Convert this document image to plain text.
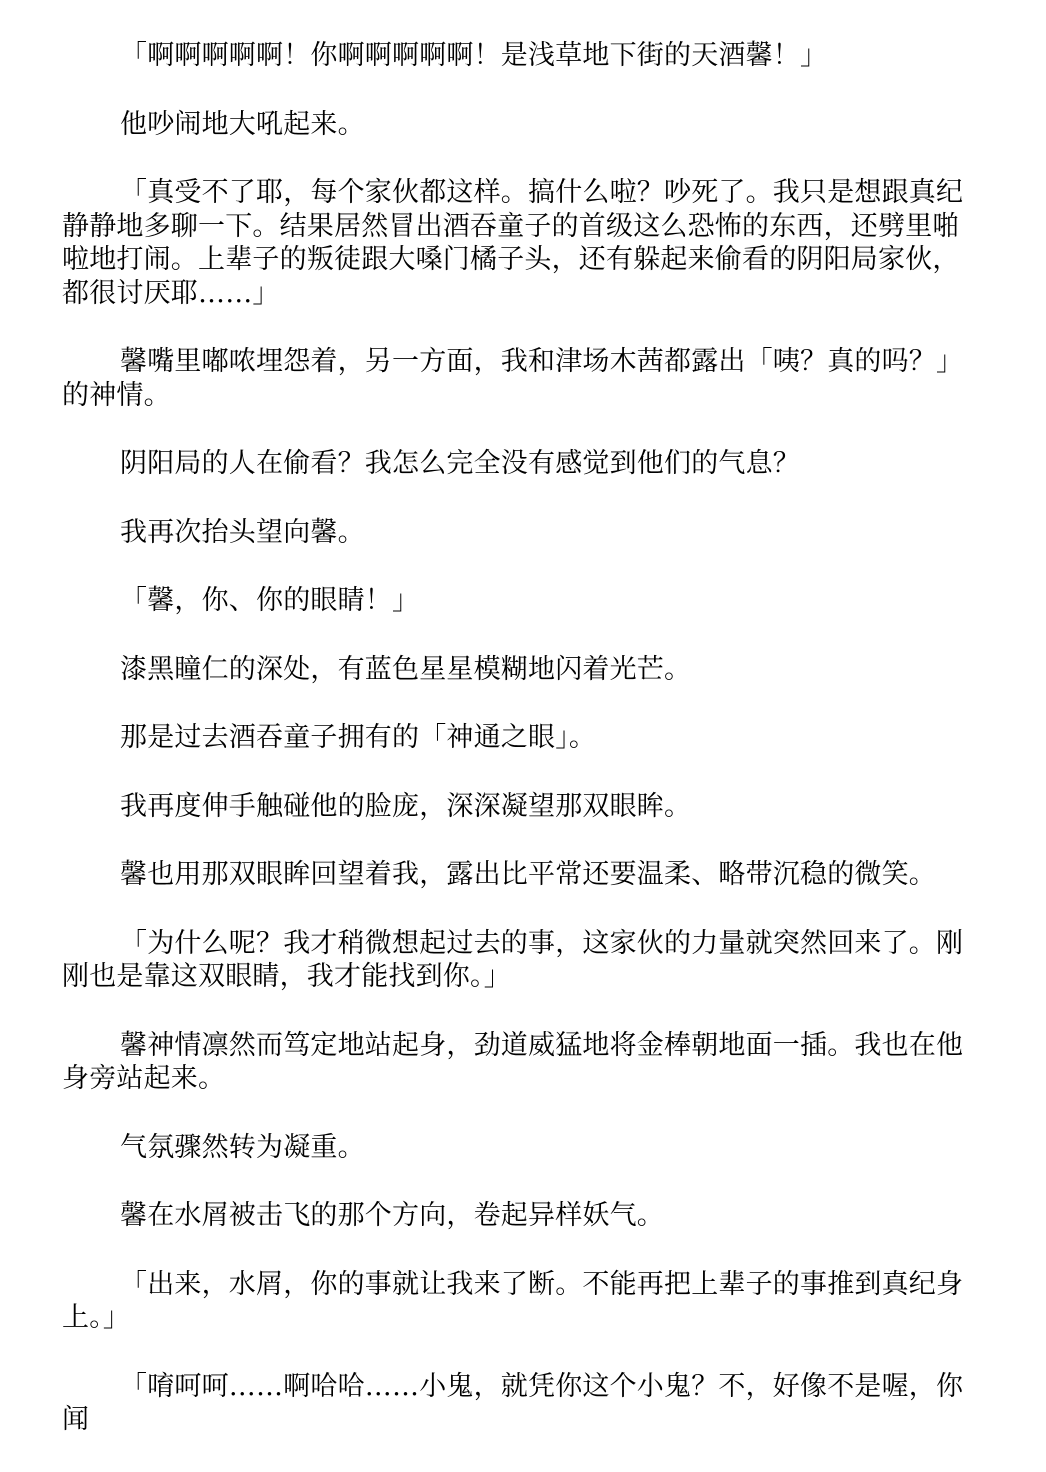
「啊啊啊啊啊！你啊啊啊啊啊！是浅草地下街的天酒馨！」

他吵闹地大吼起来。

「真受不了耶，每个家伙都这样。搞什么啦？吵死了。我只是想跟真纪静静地多聊一下。结果居然冒出酒吞童子的首级这么恐怖的东西，还劈里啪啦地打闹。上辈子的叛徒跟大嗓门橘子头，还有躲起来偷看的阴阳局家伙，都很讨厌耶……」

馨嘴里嘟哝埋怨着，另一方面，我和津场木茜都露出「咦？真的吗？」的神情。

阴阳局的人在偷看？我怎么完全没有感觉到他们的气息？

我再次抬头望向馨。

「馨，你、你的眼睛！」

漆黑瞳仁的深处，有蓝色星星模糊地闪着光芒。

那是过去酒吞童子拥有的「神通之眼」。

我再度伸手触碰他的脸庞，深深凝望那双眼眸。

馨也用那双眼眸回望着我，露出比平常还要温柔、略带沉稳的微笑。

「为什么呢？我才稍微想起过去的事，这家伙的力量就突然回来了。刚刚也是靠这双眼睛，我才能找到你。」

馨神情凛然而笃定地站起身，劲道威猛地将金棒朝地面一插。我也在他身旁站起来。

气氛骤然转为凝重。

馨在水屑被击飞的那个方向，卷起异样妖气。

「出来，水屑，你的事就让我来了断。不能再把上辈子的事推到真纪身上。」

「唷呵呵……啊哈哈……小鬼，就凭你这个小鬼？不，好像不是喔，你闻
